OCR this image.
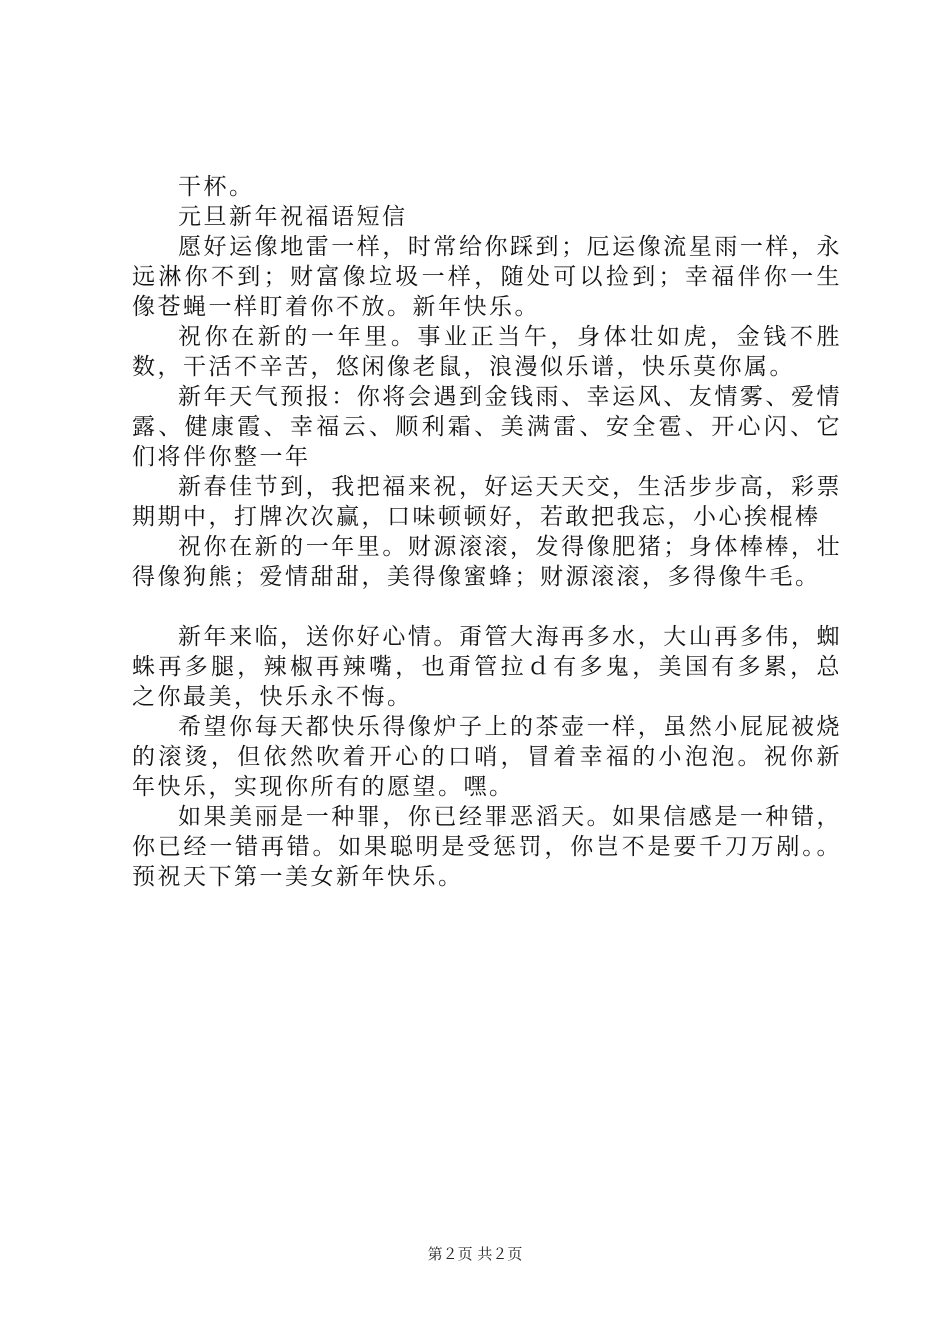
干杯。

元旦新年祝福语短信

愿好运像地雷一样，时常给你踩到；厄运像流星雨一样，永远淋你不到；财富像垃圾一样，随处可以捡到；幸福伴你一生像苍蝇一样盯着你不放。新年快乐。

祝你在新的一年里。事业正当午，身体壮如虎，金钱不胜数，干活不辛苦，悠闲像老鼠，浪漫似乐谱，快乐莫你属。

新年天气预报：你将会遇到金钱雨、幸运风、友情雾、爱情露、健康霞、幸福云、顺利霜、美满雷、安全雹、开心闪、它们将伴你整一年

新春佳节到，我把福来祝，好运天天交，生活步步高，彩票期期中，打牌次次赢，口味顿顿好，若敢把我忘，小心挨棍棒

祝你在新的一年里。财源滚滚，发得像肥猪；身体棒棒，壮得像狗熊；爱情甜甜，美得像蜜蜂；财源滚滚，多得像牛毛。

新年来临，送你好心情。甭管大海再多水，大山再多伟，蜘蛛再多腿，辣椒再辣嘴，也甭管拉ｄ有多鬼，美国有多累，总之你最美，快乐永不悔。

希望你每天都快乐得像炉子上的茶壶一样，虽然小屁屁被烧的滚烫，但依然吹着开心的口哨，冒着幸福的小泡泡。祝你新年快乐，实现你所有的愿望。嘿。

如果美丽是一种罪，你已经罪恶滔天。如果信感是一种错，你已经一错再错。如果聪明是受惩罚，你岂不是要千刀万剐。。预祝天下第一美女新年快乐。

第２页 共２页
